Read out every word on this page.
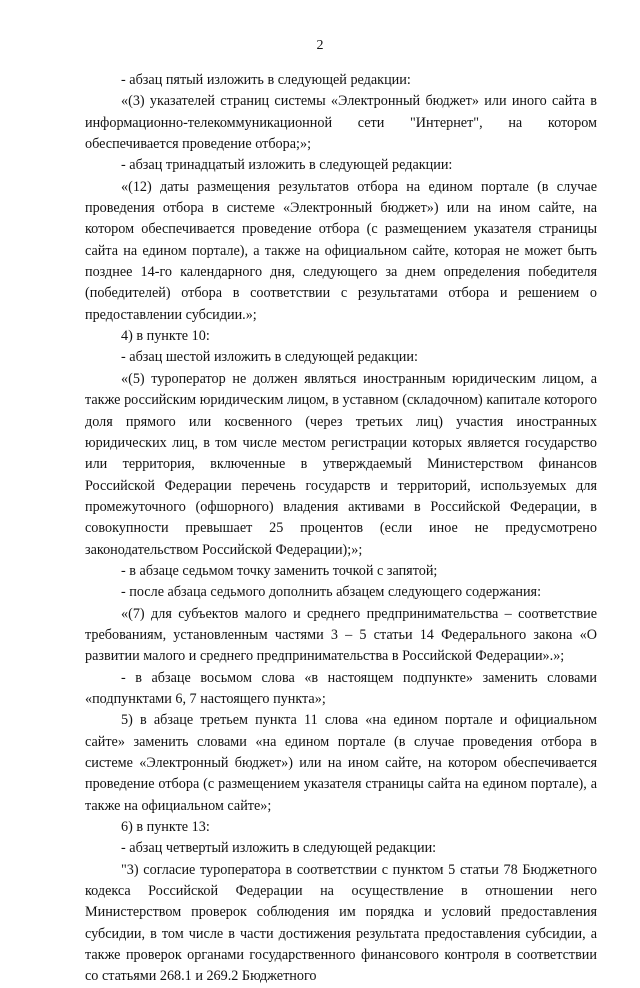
2

- абзац пятый изложить в следующей редакции:

«(3) указателей страниц системы «Электронный бюджет» или иного сайта в информационно-телекоммуникационной сети "Интернет", на котором обеспечивается проведение отбора;»;

- абзац тринадцатый изложить в следующей редакции:

«(12) даты размещения результатов отбора на едином портале (в случае проведения отбора в системе «Электронный бюджет») или на ином сайте, на котором обеспечивается проведение отбора (с размещением указателя страницы сайта на едином портале), а также на официальном сайте, которая не может быть позднее 14-го календарного дня, следующего за днем определения победителя (победителей) отбора в соответствии с результатами отбора и решением о предоставлении субсидии.»;

4) в пункте 10:

- абзац шестой изложить в следующей редакции:

«(5) туроператор не должен являться иностранным юридическим лицом, а также российским юридическим лицом, в уставном (складочном) капитале которого доля прямого или косвенного (через третьих лиц) участия иностранных юридических лиц, в том числе местом регистрации которых является государство или территория, включенные в утверждаемый Министерством финансов Российской Федерации перечень государств и территорий, используемых для промежуточного (офшорного) владения активами в Российской Федерации, в совокупности превышает 25 процентов (если иное не предусмотрено законодательством Российской Федерации);»;

- в абзаце седьмом точку заменить точкой с запятой;

- после абзаца седьмого дополнить абзацем следующего содержания:

«(7) для субъектов малого и среднего предпринимательства – соответствие требованиям, установленным частями 3 – 5 статьи 14 Федерального закона «О развитии малого и среднего предпринимательства в Российской Федерации».»;

- в абзаце восьмом слова «в настоящем подпункте» заменить словами «подпунктами 6, 7 настоящего пункта»;

5) в абзаце третьем пункта 11 слова «на едином портале и официальном сайте» заменить словами «на едином портале (в случае проведения отбора в системе «Электронный бюджет») или на ином сайте, на котором обеспечивается проведение отбора (с размещением указателя страницы сайта на едином портале), а также на официальном сайте»;

6) в пункте 13:

- абзац четвертый изложить в следующей редакции:

"3) согласие туроператора в соответствии с пунктом 5 статьи 78 Бюджетного кодекса Российской Федерации на осуществление в отношении него Министерством проверок соблюдения им порядка и условий предоставления субсидии, в том числе в части достижения результата предоставления субсидии, а также проверок органами государственного финансового контроля в соответствии со статьями 268.1 и 269.2 Бюджетного
